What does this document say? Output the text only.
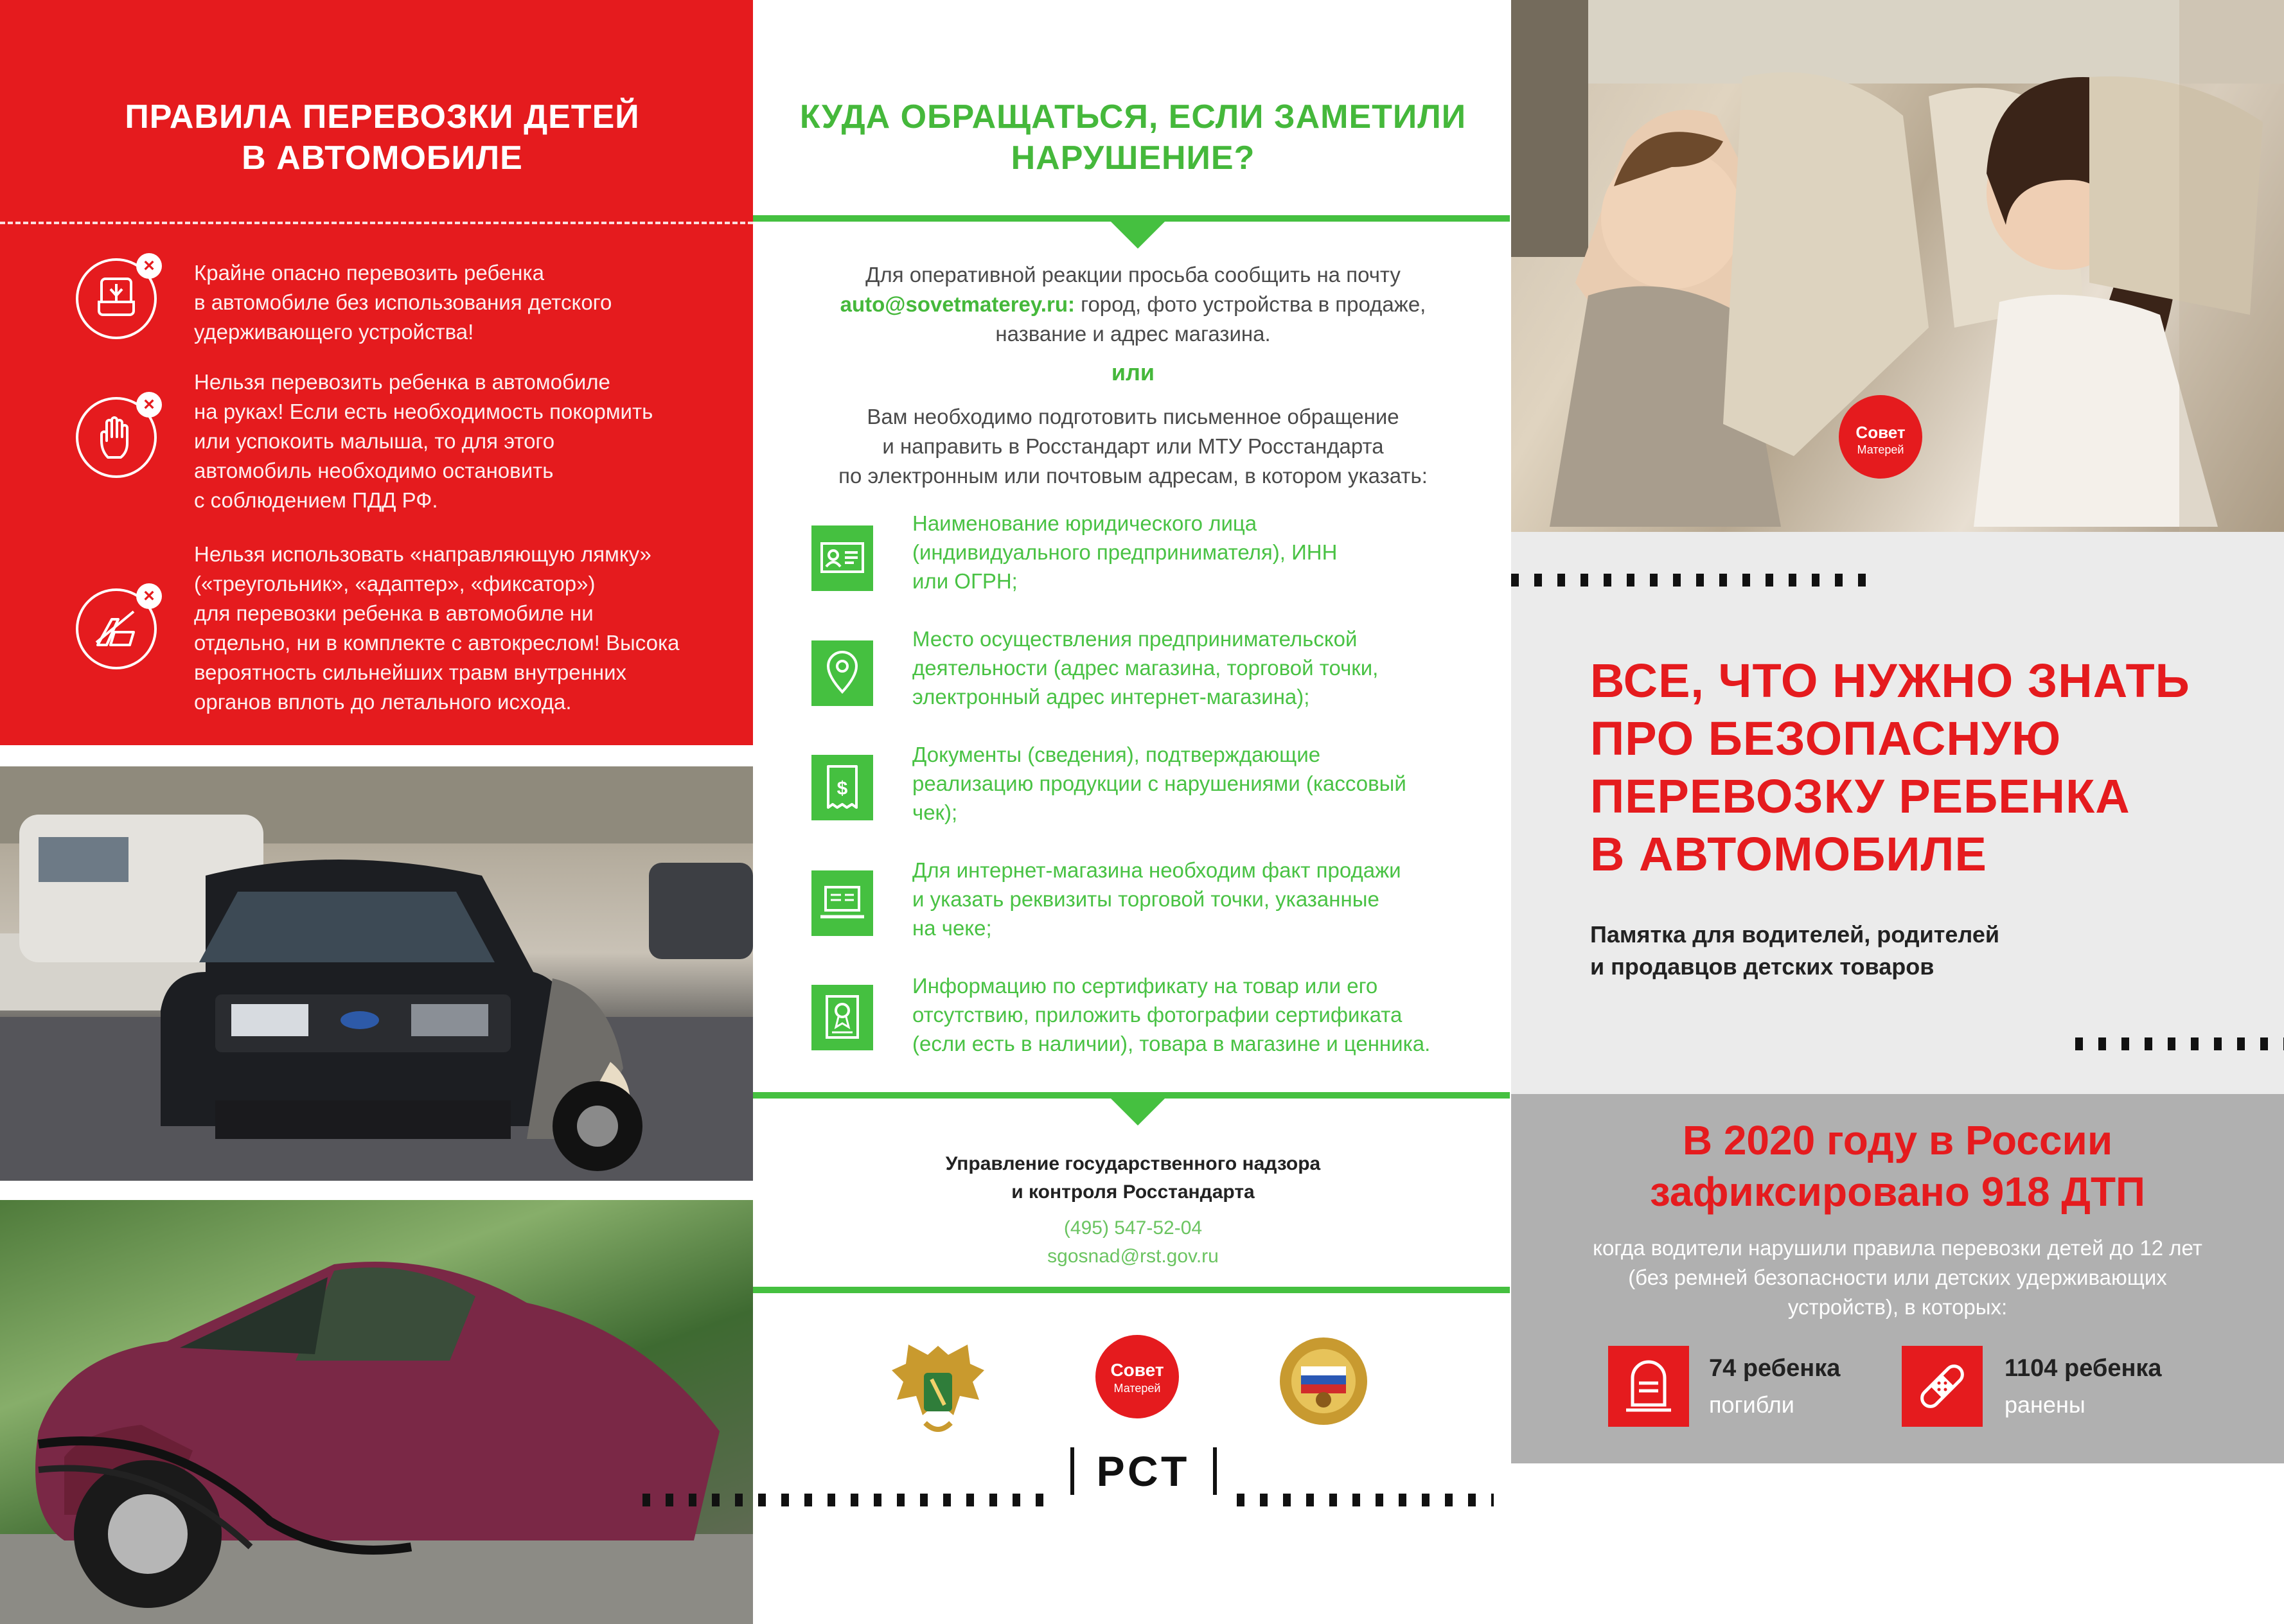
ПРАВИЛА ПЕРЕВОЗКИ ДЕТЕЙ
В АВТОМОБИЛЕ
×	Крайне опасно перевозить ребенка
в автомобиле без использования детского
удерживающего устройства!
×
Нельзя перевозить ребенка в автомобиле
на руках! Если есть необходимость покормить
или успокоить малыша, то для этого
автомобиль необходимо остановить
с соблюдением ПДД РФ.
×
Нельзя использовать «направляющую лямку»
(«треугольник», «адаптер», «фиксатор»)
для перевозки ребенка в автомобиле ни
отдельно, ни в комплекте с автокреслом! Высока
вероятность сильнейших травм внутренних
органов вплоть до летального исхода.
КУДА ОБРАЩАТЬСЯ, ЕСЛИ ЗАМЕТИЛИ
НАРУШЕНИЕ?
Для оперативной реакции просьба сообщить на почту
auto@sovetmaterey.ru: город, фото устройства в продаже,
название и адрес магазина.
или
Вам необходимо подготовить письменное обращение
и направить в Росстандарт или МТУ Росстандарта
по электронным или почтовым адресам, в котором указать:
Наименование юридического лица
(индивидуального предпринимателя), ИНН
или ОГРН;
Место осуществления предпринимательской
деятельности (адрес магазина, торговой точки,
электронный адрес интернет-магазина);
$
Документы (сведения), подтверждающие
реализацию продукции с нарушениями (кассовый
чек);
Для интернет-магазина необходим факт продажи
и указать реквизиты торговой точки, указанные
на чеке;
Информацию по сертификату на товар или его
отсутствию, приложить фотографии сертификата
(если есть в наличии), товара в магазине и ценника.
Управление государственного надзора
и контроля Росстандарта
(495) 547-52-04
sgosnad@rst.gov.ru
Совет
Матерей
РСТ
Совет
Матерей
ВСЕ, ЧТО НУЖНО ЗНАТЬ
ПРО БЕЗОПАСНУЮ
ПЕРЕВОЗКУ РЕБЕНКА
В АВТОМОБИЛЕ
Памятка для водителей, родителей
и продавцов детских товаров
В 2020 году в России
зафиксировано 918 ДТП
когда водители нарушили правила перевозки детей до 12 лет
(без ремней безопасности или детских удерживающих
устройств), в которых:
74 ребенка
погибли
1104 ребенка
ранены
